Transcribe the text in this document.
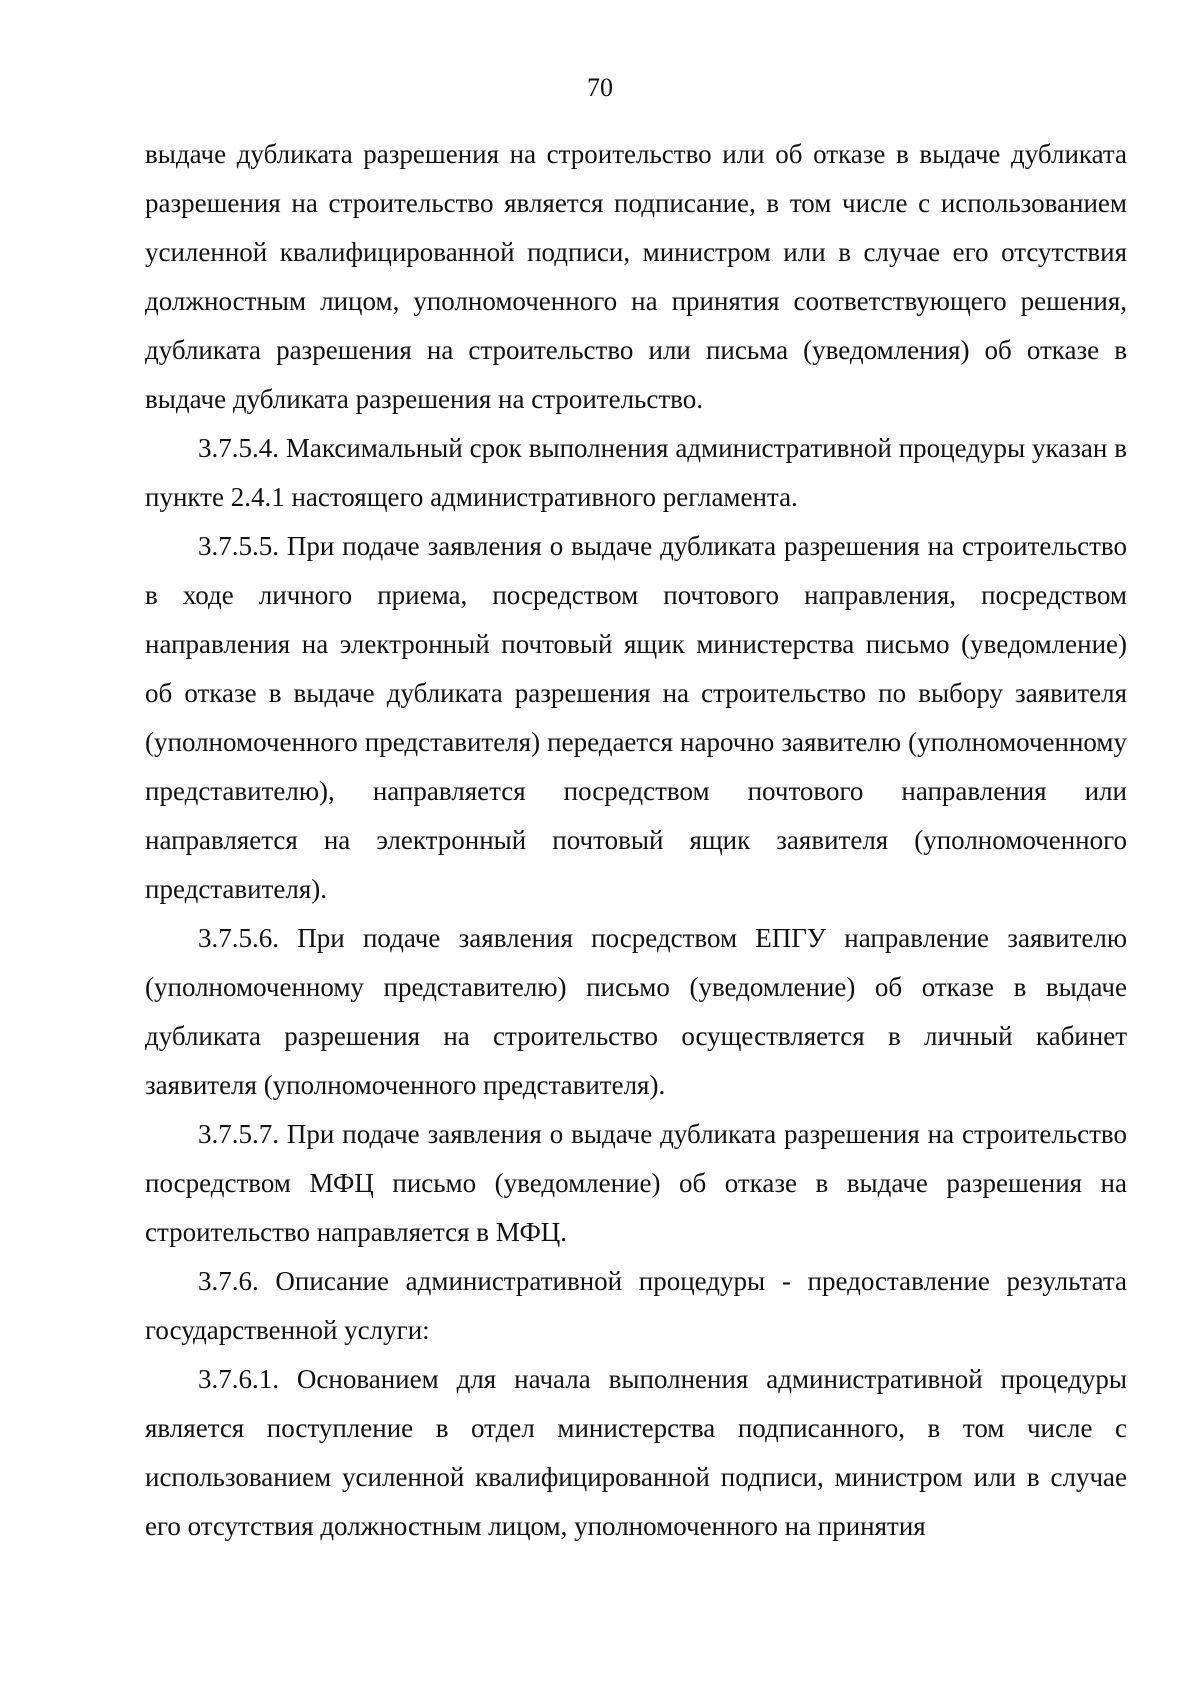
70

выдаче дубликата разрешения на строительство или об отказе в выдаче дубликата разрешения на строительство является подписание, в том числе с использованием усиленной квалифицированной подписи, министром или в случае его отсутствия должностным лицом, уполномоченного на принятия соответствующего решения, дубликата разрешения на строительство или письма (уведомления) об отказе в выдаче дубликата разрешения на строительство.

3.7.5.4. Максимальный срок выполнения административной процедуры указан в пункте 2.4.1 настоящего административного регламента.

3.7.5.5. При подаче заявления о выдаче дубликата разрешения на строительство в ходе личного приема, посредством почтового направления, посредством направления на электронный почтовый ящик министерства письмо (уведомление) об отказе в выдаче дубликата разрешения на строительство по выбору заявителя (уполномоченного представителя) передается нарочно заявителю (уполномоченному представителю), направляется посредством почтового направления или направляется на электронный почтовый ящик заявителя (уполномоченного представителя).

3.7.5.6. При подаче заявления посредством ЕПГУ направление заявителю (уполномоченному представителю) письмо (уведомление) об отказе в выдаче дубликата разрешения на строительство осуществляется в личный кабинет заявителя (уполномоченного представителя).

3.7.5.7. При подаче заявления о выдаче дубликата разрешения на строительство посредством МФЦ письмо (уведомление) об отказе в выдаче разрешения на строительство направляется в МФЦ.

3.7.6. Описание административной процедуры - предоставление результата государственной услуги:

3.7.6.1. Основанием для начала выполнения административной процедуры является поступление в отдел министерства подписанного, в том числе с использованием усиленной квалифицированной подписи, министром или в случае его отсутствия должностным лицом, уполномоченного на принятия
